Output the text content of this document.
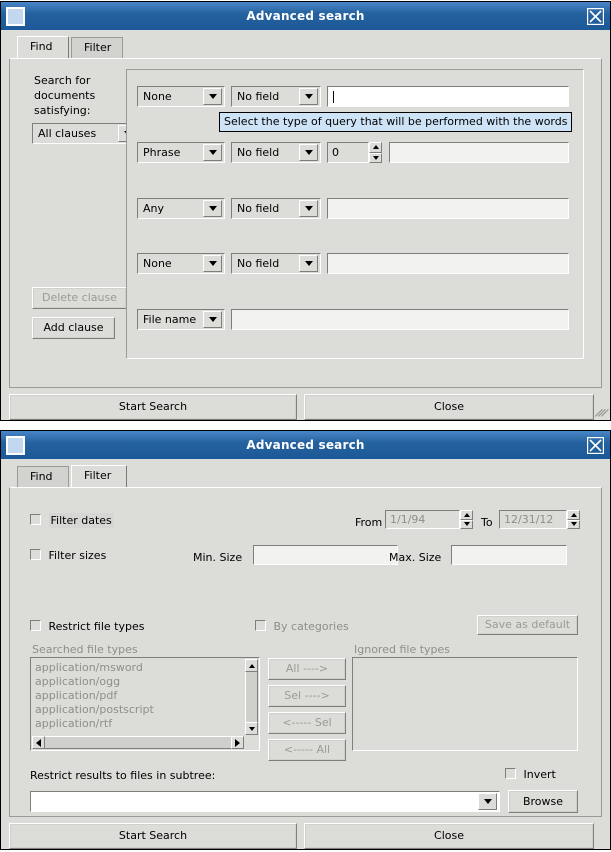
Advanced search
Find	Filter
Search for documents satisfying:
All clauses
Delete clause
Add clause
None	No field
Select the type of query that will be performed with the words
Phrase	No field	0
Any	No field
None	No field
File name
Start Search	Close
Advanced search
Find	Filter
Filter dates	From 1/1/94	To 12/31/12
Filter sizes	Min. Size	Max. Size
Restrict file types	By categories	Save as default
Searched file types
application/msword
application/ogg
application/pdf
application/postscript
application/rtf
All ---->
Sel ---->
<----- Sel
<----- All
Ignored file types
Restrict results to files in subtree:	Invert
Browse
Start Search	Close
